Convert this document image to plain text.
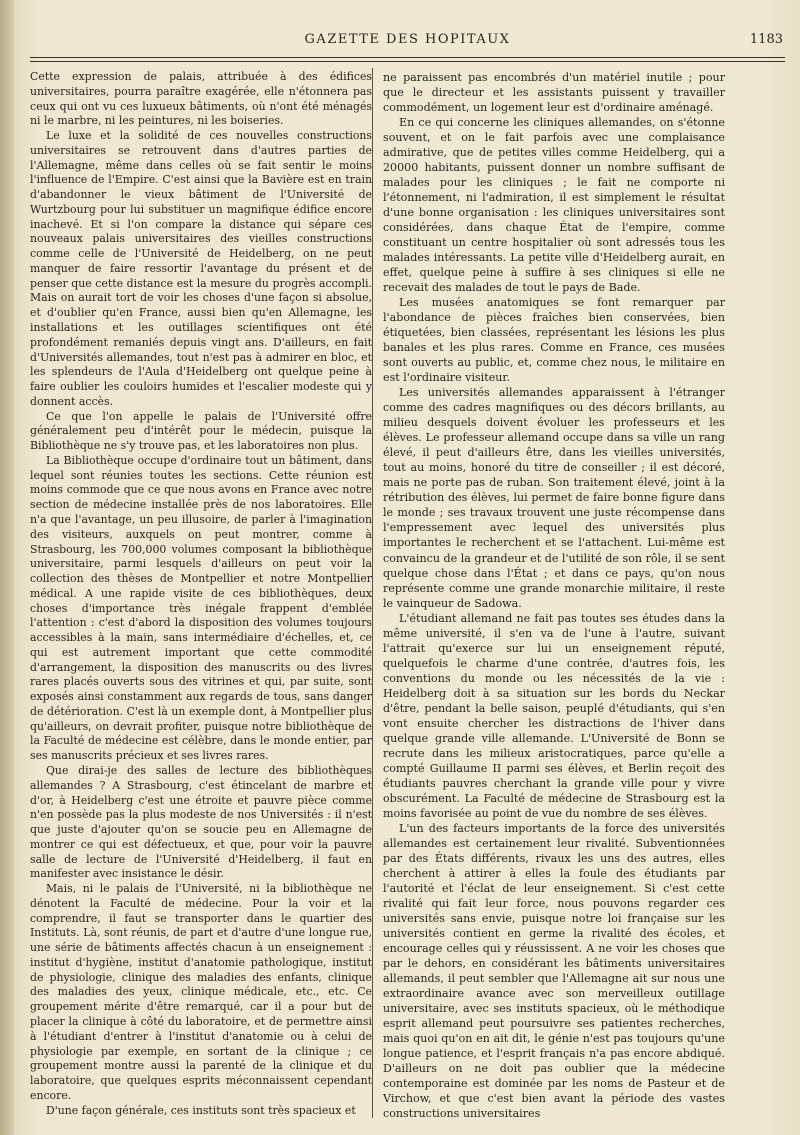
GAZETTE DES HOPITAUX	1183

Cette expression de palais, attribuée à des édifices universitaires, pourra paraître exagérée, elle n'étonnera pas ceux qui ont vu ces luxueux bâtiments, où n'ont été ménagés ni le marbre, ni les peintures, ni les boiseries.

Le luxe et la solidité de ces nouvelles constructions universitaires se retrouvent dans d'autres parties de l'Allemagne, même dans celles où se fait sentir le moins l'influence de l'Empire. C'est ainsi que la Bavière est en train d'abandonner le vieux bâtiment de l'Université de Wurtzbourg pour lui substituer un magnifique édifice encore inachevé. Et si l'on compare la distance qui sépare ces nouveaux palais universitaires des vieilles constructions comme celle de l'Université de Heidelberg, on ne peut manquer de faire ressortir l'avantage du présent et de penser que cette distance est la mesure du progrès accompli. Mais on aurait tort de voir les choses d'une façon si absolue, et d'oublier qu'en France, aussi bien qu'en Allemagne, les installations et les outillages scientifiques ont été profondément remaniés depuis vingt ans. D'ailleurs, en fait d'Universités allemandes, tout n'est pas à admirer en bloc, et les splendeurs de l'Aula d'Heidelberg ont quelque peine à faire oublier les couloirs humides et l'escalier modeste qui y donnent accès.

Ce que l'on appelle le palais de l'Université offre généralement peu d'intérêt pour le médecin, puisque la Bibliothèque ne s'y trouve pas, et les laboratoires non plus.

La Bibliothèque occupe d'ordinaire tout un bâtiment, dans lequel sont réunies toutes les sections. Cette réunion est moins commode que ce que nous avons en France avec notre section de médecine installée près de nos laboratoires. Elle n'a que l'avantage, un peu illusoire, de parler à l'imagination des visiteurs, auxquels on peut montrer, comme à Strasbourg, les 700,000 volumes composant la bibliothèque universitaire, parmi lesquels d'ailleurs on peut voir la collection des thèses de Montpellier et notre Montpellier médical. A une rapide visite de ces bibliothèques, deux choses d'importance très inégale frappent d'emblée l'attention : c'est d'abord la disposition des volumes toujours accessibles à la main, sans intermédiaire d'échelles, et, ce qui est autrement important que cette commodité d'arrangement, la disposition des manuscrits ou des livres rares placés ouverts sous des vitrines et qui, par suite, sont exposés ainsi constamment aux regards de tous, sans danger de détérioration. C'est là un exemple dont, à Montpellier plus qu'ailleurs, on devrait profiter, puisque notre bibliothèque de la Faculté de médecine est célèbre, dans le monde entier, par ses manuscrits précieux et ses livres rares.

Que dirai-je des salles de lecture des bibliothèques allemandes ? A Strasbourg, c'est étincelant de marbre et d'or, à Heidelberg c'est une étroite et pauvre pièce comme n'en possède pas la plus modeste de nos Universités : il n'est que juste d'ajouter qu'on se soucie peu en Allemagne de montrer ce qui est défectueux, et que, pour voir la pauvre salle de lecture de l'Université d'Heidelberg, il faut en manifester avec insistance le désir.

Mais, ni le palais de l'Université, ni la bibliothèque ne dénotent la Faculté de médecine. Pour la voir et la comprendre, il faut se transporter dans le quartier des Instituts. Là, sont réunis, de part et d'autre d'une longue rue, une série de bâtiments affectés chacun à un enseignement : institut d'hygiène, institut d'anatomie pathologique, institut de physiologie, clinique des maladies des enfants, clinique des maladies des yeux, clinique médicale, etc., etc. Ce groupement mérite d'être remarqué, car il a pour but de placer la clinique à côté du laboratoire, et de permettre ainsi à l'étudiant d'entrer à l'institut d'anatomie ou à celui de physiologie par exemple, en sortant de la clinique ; ce groupement montre aussi la parenté de la clinique et du laboratoire, que quelques esprits méconnaissent cependant encore.

D'une façon générale, ces instituts sont très spacieux et

ne paraissent pas encombrés d'un matériel inutile ; pour que le directeur et les assistants puissent y travailler commodément, un logement leur est d'ordinaire aménagé.

En ce qui concerne les cliniques allemandes, on s'étonne souvent, et on le fait parfois avec une complaisance admirative, que de petites villes comme Heidelberg, qui a 20000 habitants, puissent donner un nombre suffisant de malades pour les cliniques ; le fait ne comporte ni l'étonnement, ni l'admiration, il est simplement le résultat d'une bonne organisation : les cliniques universitaires sont considérées, dans chaque État de l'empire, comme constituant un centre hospitalier où sont adressés tous les malades intéressants. La petite ville d'Heidelberg aurait, en effet, quelque peine à suffire à ses cliniques si elle ne recevait des malades de tout le pays de Bade.

Les musées anatomiques se font remarquer par l'abondance de pièces fraîches bien conservées, bien étiquetées, bien classées, représentant les lésions les plus banales et les plus rares. Comme en France, ces musées sont ouverts au public, et, comme chez nous, le militaire en est l'ordinaire visiteur.

Les universités allemandes apparaissent à l'étranger comme des cadres magnifiques ou des décors brillants, au milieu desquels doivent évoluer les professeurs et les élèves. Le professeur allemand occupe dans sa ville un rang élevé, il peut d'ailleurs être, dans les vieilles universités, tout au moins, honoré du titre de conseiller ; il est décoré, mais ne porte pas de ruban. Son traitement élevé, joint à la rétribution des élèves, lui permet de faire bonne figure dans le monde ; ses travaux trouvent une juste récompense dans l'empressement avec lequel des universités plus importantes le recherchent et se l'attachent. Lui-même est convaincu de la grandeur et de l'utilité de son rôle, il se sent quelque chose dans l'État ; et dans ce pays, qu'on nous représente comme une grande monarchie militaire, il reste le vainqueur de Sadowa.

L'étudiant allemand ne fait pas toutes ses études dans la même université, il s'en va de l'une à l'autre, suivant l'attrait qu'exerce sur lui un enseignement réputé, quelquefois le charme d'une contrée, d'autres fois, les conventions du monde ou les nécessités de la vie : Heidelberg doit à sa situation sur les bords du Neckar d'être, pendant la belle saison, peuplé d'étudiants, qui s'en vont ensuite chercher les distractions de l'hiver dans quelque grande ville allemande. L'Université de Bonn se recrute dans les milieux aristocratiques, parce qu'elle a compté Guillaume II parmi ses élèves, et Berlin reçoit des étudiants pauvres cherchant la grande ville pour y vivre obscurément. La Faculté de médecine de Strasbourg est la moins favorisée au point de vue du nombre de ses élèves.

L'un des facteurs importants de la force des universités allemandes est certainement leur rivalité. Subventionnées par des États différents, rivaux les uns des autres, elles cherchent à attirer à elles la foule des étudiants par l'autorité et l'éclat de leur enseignement. Si c'est cette rivalité qui fait leur force, nous pouvons regarder ces universités sans envie, puisque notre loi française sur les universités contient en germe la rivalité des écoles, et encourage celles qui y réussissent. A ne voir les choses que par le dehors, en considérant les bâtiments universitaires allemands, il peut sembler que l'Allemagne ait sur nous une extraordinaire avance avec son merveilleux outillage universitaire, avec ses instituts spacieux, où le méthodique esprit allemand peut poursuivre ses patientes recherches, mais quoi qu'on en ait dit, le génie n'est pas toujours qu'une longue patience, et l'esprit français n'a pas encore abdiqué. D'ailleurs on ne doit pas oublier que la médecine contemporaine est dominée par les noms de Pasteur et de Virchow, et que c'est bien avant la période des vastes constructions universitaires
